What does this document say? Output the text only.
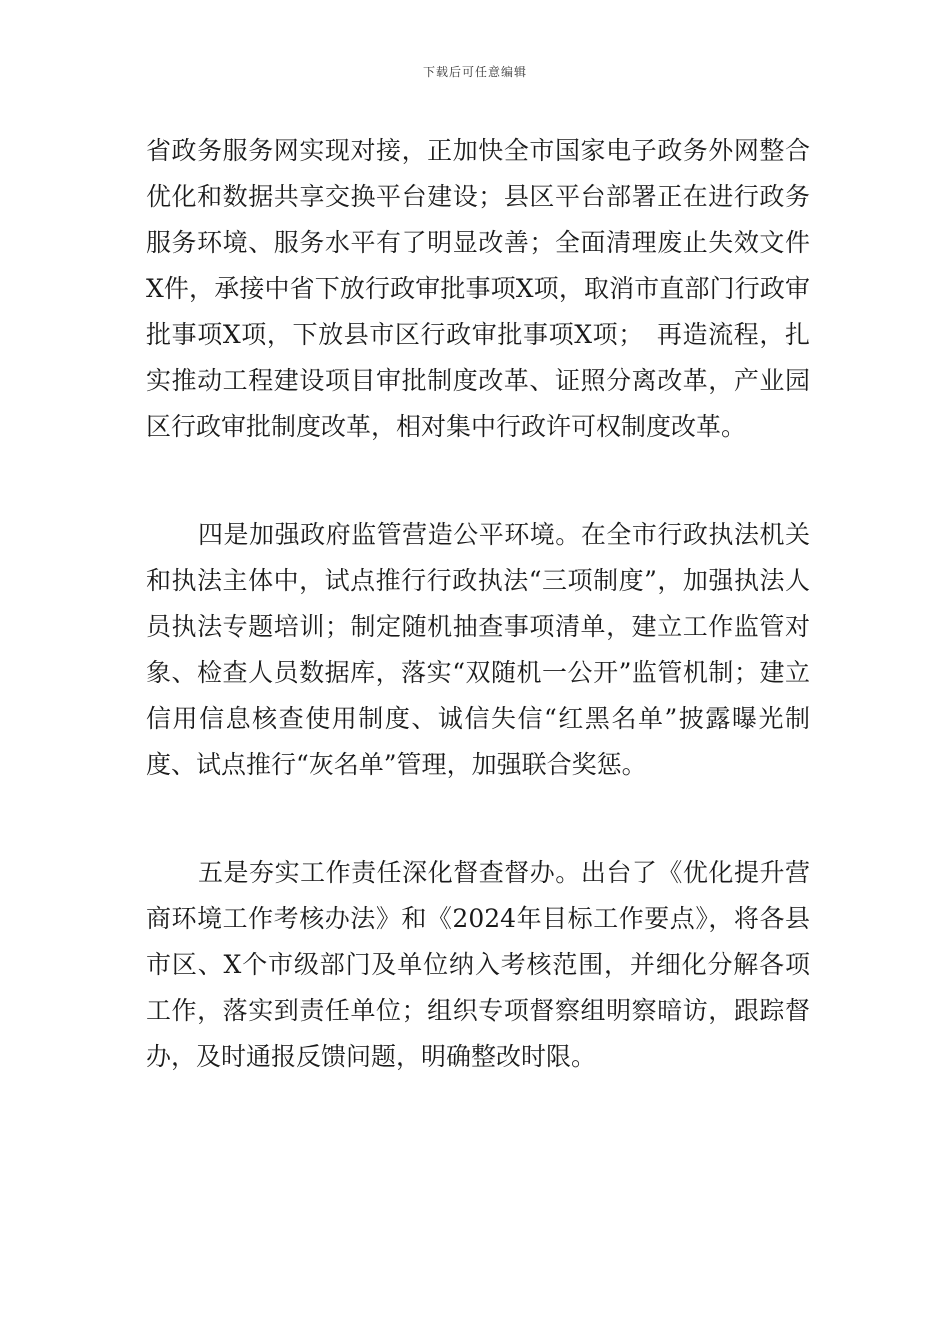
下载后可任意编辑

省政务服务网实现对接，正加快全市国家电子政务外网整合优化和数据共享交换平台建设；县区平台部署正在进行政务服务环境、服务水平有了明显改善；全面清理废止失效文件X件，承接中省下放行政审批事项X项，取消市直部门行政审批事项X项，下放县市区行政审批事项X项；　再造流程，扎实推动工程建设项目审批制度改革、证照分离改革，产业园区行政审批制度改革，相对集中行政许可权制度改革。

四是加强政府监管营造公平环境。在全市行政执法机关和执法主体中，试点推行行政执法“三项制度”，加强执法人员执法专题培训；制定随机抽查事项清单，建立工作监管对象、检查人员数据库，落实“双随机一公开”监管机制；建立信用信息核查使用制度、诚信失信“红黑名单”披露曝光制度、试点推行“灰名单”管理，加强联合奖惩。

五是夯实工作责任深化督查督办。出台了《优化提升营商环境工作考核办法》和《2024年目标工作要点》，将各县市区、X个市级部门及单位纳入考核范围，并细化分解各项工作，落实到责任单位；组织专项督察组明察暗访，跟踪督办，及时通报反馈问题，明确整改时限。
